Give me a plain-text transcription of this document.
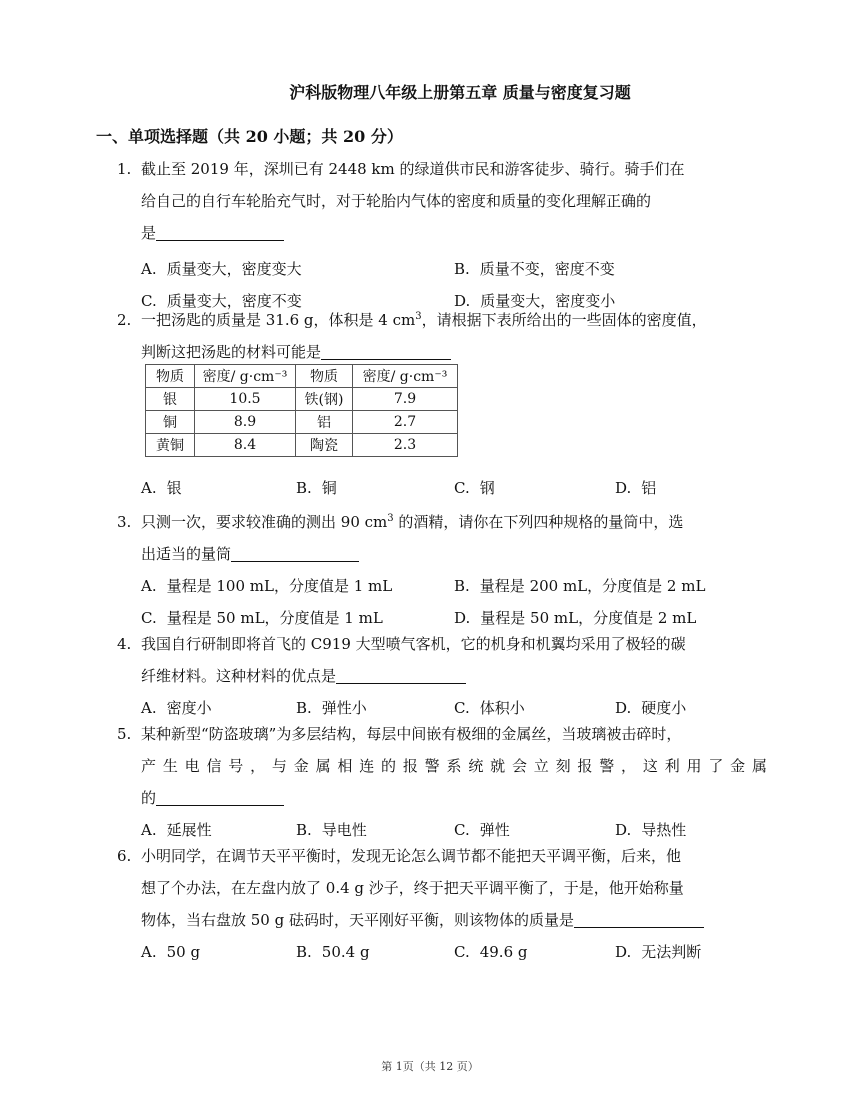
沪科版物理八年级上册第五章 质量与密度复习题
一、单项选择题（共 20 小题；共 20 分）
1. 截止至 2019 年，深圳已有 2448 km 的绿道供市民和游客徒步、骑行。骑手们在
给自己的自行车轮胎充气时，对于轮胎内气体的密度和质量的变化理解正确的
是
A. 质量变大，密度变大	B. 质量不变，密度不变
C. 质量变大，密度不变	D. 质量变大，密度变小
2. 一把汤匙的质量是 31.6 g，体积是 4 $cm^3$，请根据下表所给出的一些固体的密度值，
判断这把汤匙的材料可能是
物质	密度/ g·cm⁻³	物质	密度/ g·cm⁻³
银	10.5	铁(钢)	7.9
铜	8.9	铝	2.7
黄铜	8.4	陶瓷	2.3
A. 银	B. 铜	C. 钢	D. 铝
3. 只测一次，要求较准确的测出 90 $cm^3$ 的酒精，请你在下列四种规格的量筒中，选
出适当的量筒
A. 量程是 100 mL，分度值是 1 mL	B. 量程是 200 mL，分度值是 2 mL
C. 量程是 50 mL，分度值是 1 mL	D. 量程是 50 mL，分度值是 2 mL
4. 我国自行研制即将首飞的 C919 大型喷气客机，它的机身和机翼均采用了极轻的碳
纤维材料。这种材料的优点是
A. 密度小	B. 弹性小	C. 体积小	D. 硬度小
5. 某种新型“防盗玻璃”为多层结构，每层中间嵌有极细的金属丝，当玻璃被击碎时，
产生电信号，与金属相连的报警系统就会立刻报警，这利用了金属
的
A. 延展性	B. 导电性	C. 弹性	D. 导热性
6. 小明同学，在调节天平平衡时，发现无论怎么调节都不能把天平调平衡，后来，他
想了个办法，在左盘内放了 0.4 g 沙子，终于把天平调平衡了，于是，他开始称量
物体，当右盘放 50 g 砝码时，天平刚好平衡，则该物体的质量是
A. 50 g	B. 50.4 g	C. 49.6 g	D. 无法判断
第 1页（共 12 页）
